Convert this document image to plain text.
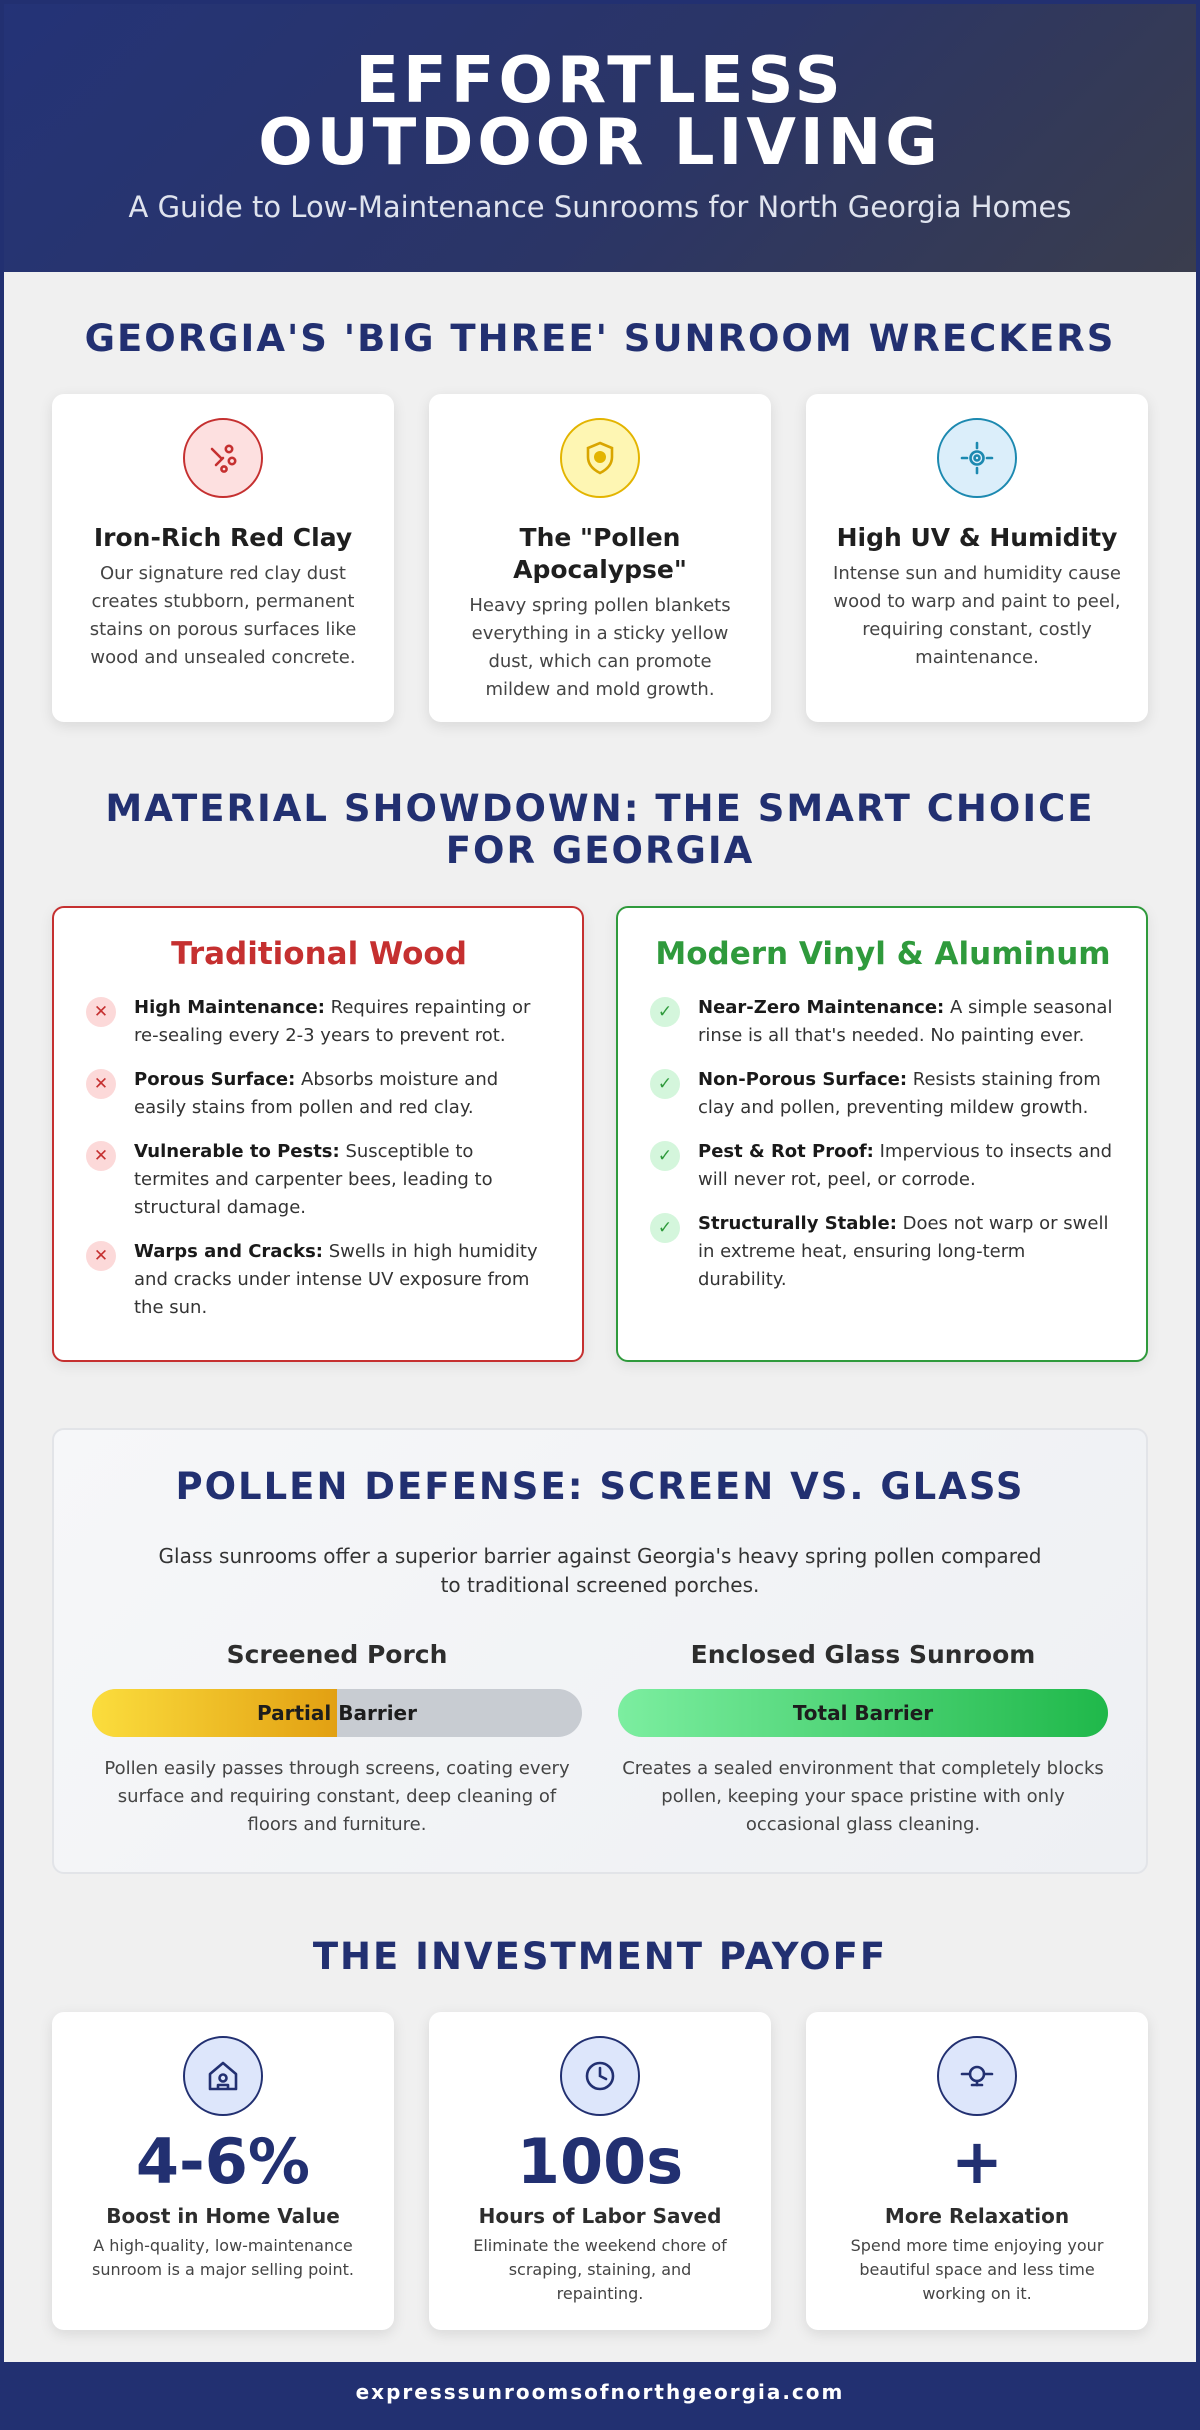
EFFORTLESS OUTDOOR LIVING
A Guide to Low-Maintenance Sunrooms for North Georgia Homes
GEORGIA'S 'BIG THREE' SUNROOM WRECKERS
Iron-Rich Red Clay

Our signature red clay dust creates stubborn, permanent stains on porous surfaces like wood and unsealed concrete.

The "Pollen Apocalypse"

Heavy spring pollen blankets everything in a sticky yellow dust, which can promote mildew and mold growth.

High UV & Humidity

Intense sun and humidity cause wood to warp and paint to peel, requiring constant, costly maintenance.

MATERIAL SHOWDOWN: THE SMART CHOICE FOR GEORGIA
Traditional Wood
✕	High Maintenance: Requires repainting or re-sealing every 2-3 years to prevent rot.

✕	Porous Surface: Absorbs moisture and easily stains from pollen and red clay.

✕	Vulnerable to Pests: Susceptible to termites and carpenter bees, leading to structural damage.

✕	Warps and Cracks: Swells in high humidity and cracks under intense UV exposure from the sun.

Modern Vinyl & Aluminum
✓	Near-Zero Maintenance: A simple seasonal rinse is all that's needed. No painting ever.

✓	Non-Porous Surface: Resists staining from clay and pollen, preventing mildew growth.

✓	Pest & Rot Proof: Impervious to insects and will never rot, peel, or corrode.

✓	Structurally Stable: Does not warp or swell in extreme heat, ensuring long-term durability.

POLLEN DEFENSE: SCREEN VS. GLASS

Glass sunrooms offer a superior barrier against Georgia's heavy spring pollen compared to traditional screened porches.

Screened Porch
Partial Barrier

Pollen easily passes through screens, coating every surface and requiring constant, deep cleaning of floors and furniture.

Enclosed Glass Sunroom
Total Barrier

Creates a sealed environment that completely blocks pollen, keeping your space pristine with only occasional glass cleaning.

THE INVESTMENT PAYOFF
4-6%
Boost in Home Value

A high-quality, low-maintenance sunroom is a major selling point.

100s
Hours of Labor Saved

Eliminate the weekend chore of scraping, staining, and repainting.

+
More Relaxation

Spend more time enjoying your beautiful space and less time working on it.

expresssunroomsofnorthgeorgia.com
